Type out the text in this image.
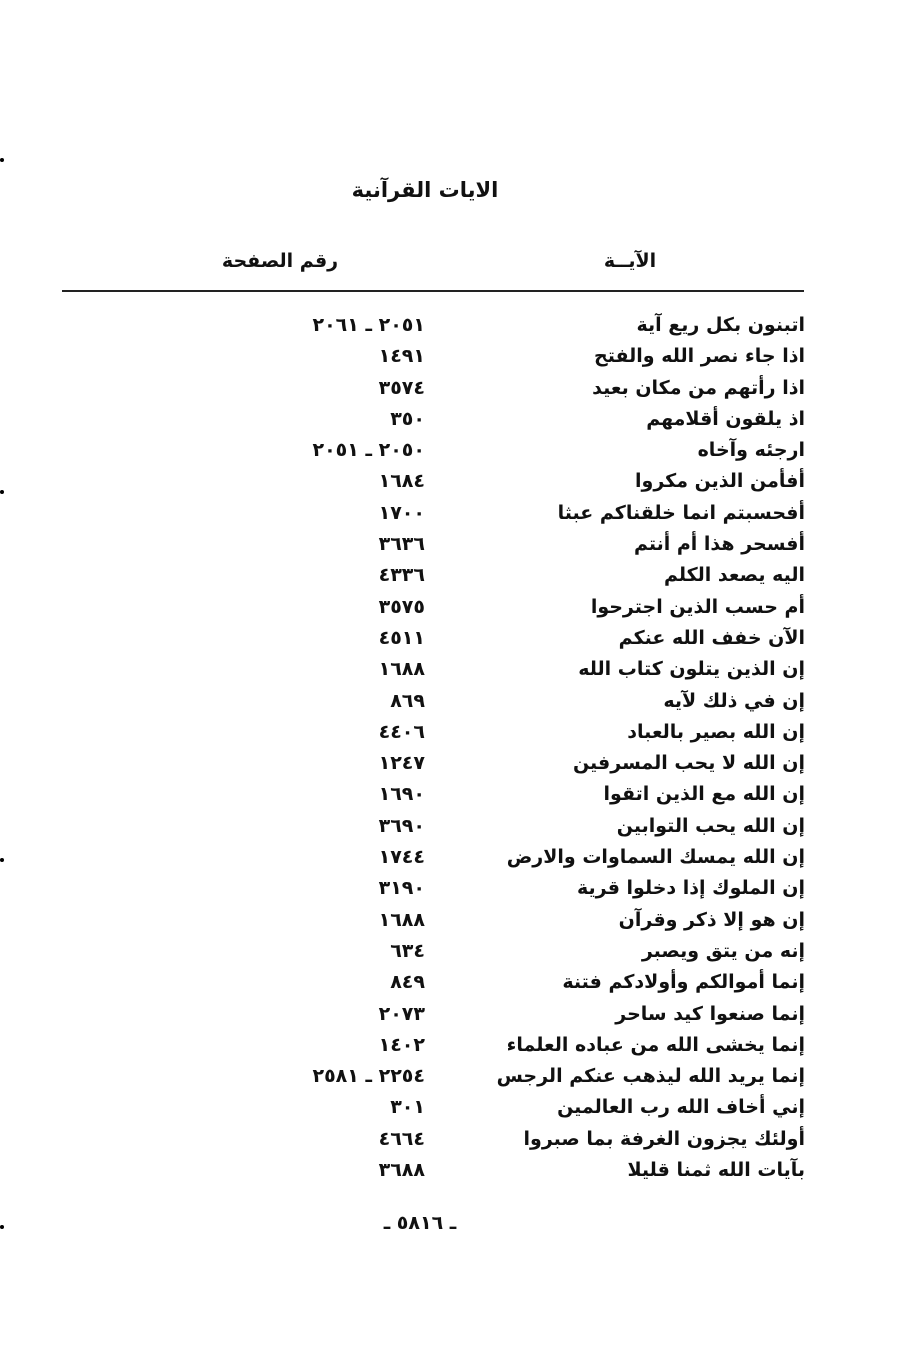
الايات القرآنية
الآيــة
رقم الصفحة
اتبنون بكل ريع آية
٢٠٥١ ـ ٢٠٦١
اذا جاء نصر الله والفتح
١٤٩١
اذا رأتهم من مكان بعيد
٣٥٧٤
اذ يلقون أقلامهم
٣٥٠
ارجئه وآخاه
٢٠٥٠ ـ ٢٠٥١
أفأمن الذين مكروا
١٦٨٤
أفحسبتم انما خلقناكم عبثا
١٧٠٠
أفسحر هذا أم أنتم
٣٦٣٦
اليه يصعد الكلم
٤٣٣٦
أم حسب الذين اجترحوا
٣٥٧٥
الآن خفف الله عنكم
٤٥١١
إن الذين يتلون كتاب الله
١٦٨٨
إن في ذلك لآيه
٨٦٩
إن الله بصير بالعباد
٤٤٠٦
إن الله لا يحب المسرفين
١٢٤٧
إن الله مع الذين اتقوا
١٦٩٠
إن الله يحب التوابين
٣٦٩٠
إن الله يمسك السماوات والارض
١٧٤٤
إن الملوك إذا دخلوا قرية
٣١٩٠
إن هو إلا ذكر وقرآن
١٦٨٨
إنه من يتق ويصبر
٦٣٤
إنما أموالكم وأولادكم فتنة
٨٤٩
إنما صنعوا كيد ساحر
٢٠٧٣
إنما يخشى الله من عباده العلماء
١٤٠٢
إنما يريد الله ليذهب عنكم الرجس
٢٢٥٤ ـ ٢٥٨١
إني أخاف الله رب العالمين
٣٠١
أولئك يجزون الغرفة بما صبروا
٤٦٦٤
بآيات الله ثمنا قليلا
٣٦٨٨
ـ ٥٨١٦ ـ
